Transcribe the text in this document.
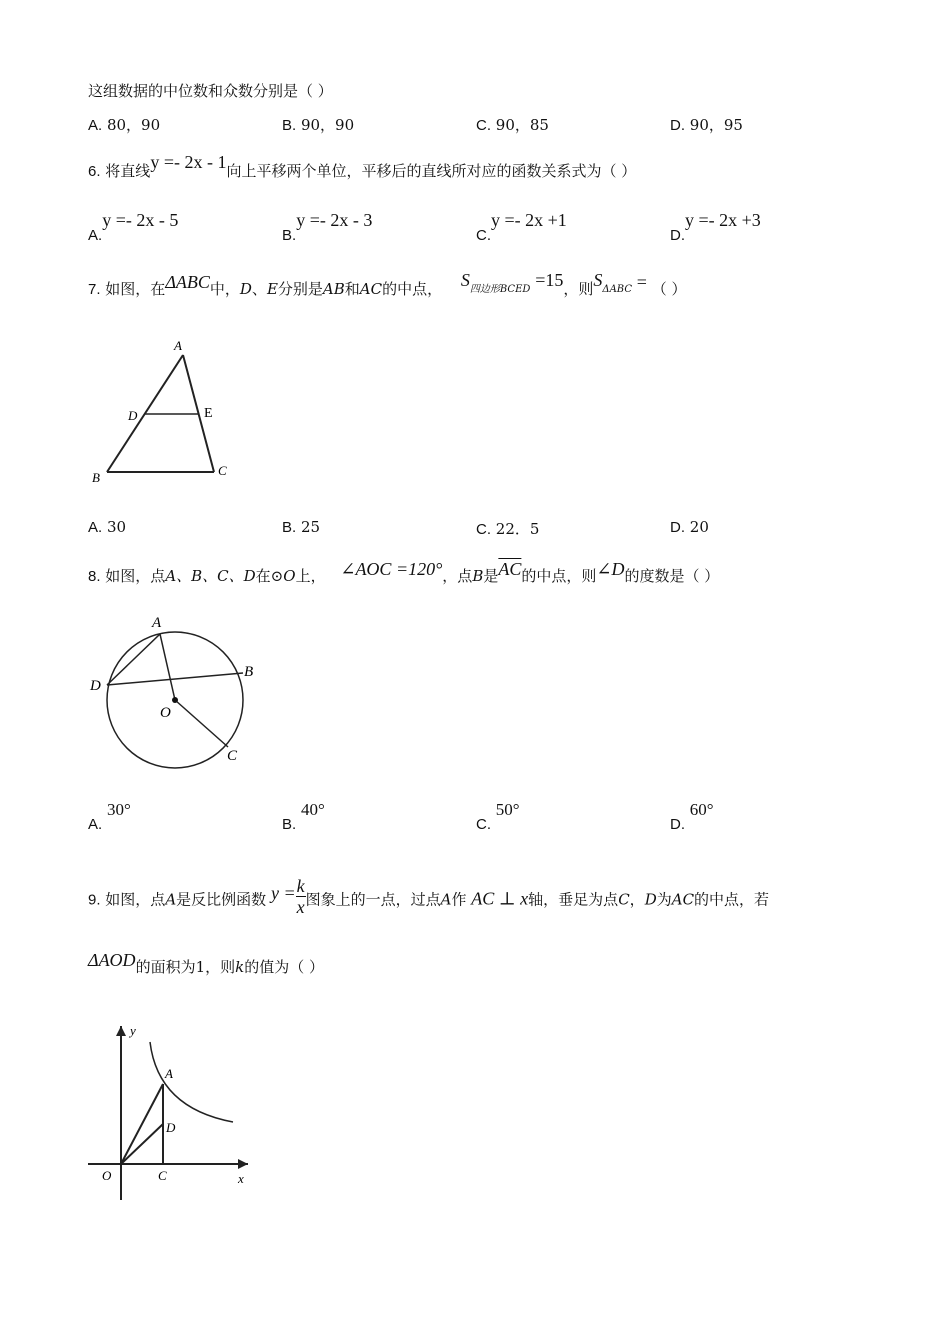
这组数据的中位数和众数分别是（ ）
A. 80，90	B. 90，90	C. 90，85	D. 90，95
6. 将直线y =- 2x - 1向上平移两个单位，平移后的直线所对应的函数关系式为（ ）
A.y =- 2x - 5
B.y =- 2x - 3
C.y =- 2x +1
D.y =- 2x +3
7. 如图，在ΔABC中，D、E分别是AB和AC的中点， S四边形BCED =15，则SΔABC = （ ）
A
D	E
B	C
A. 30	B. 25	C. 22．5	D. 20
8. 如图，点A、B、C、D在⊙O上， ∠AOC =120°，点B是$\overline{AC}$的中点，则∠D的度数是（ ）
A
B
D
O
C
A. 30°
B. 40°
C. 50°
D. 60°
9. 如图，点A是反比例函数 $y = \frac{k}{x}$ 图象上的一点，过点A作 AC ⊥ x轴，垂足为点C，D为AC的中点，若
ΔAOD的面积为1，则k的值为（ ）
y
A
D
O	C	x
